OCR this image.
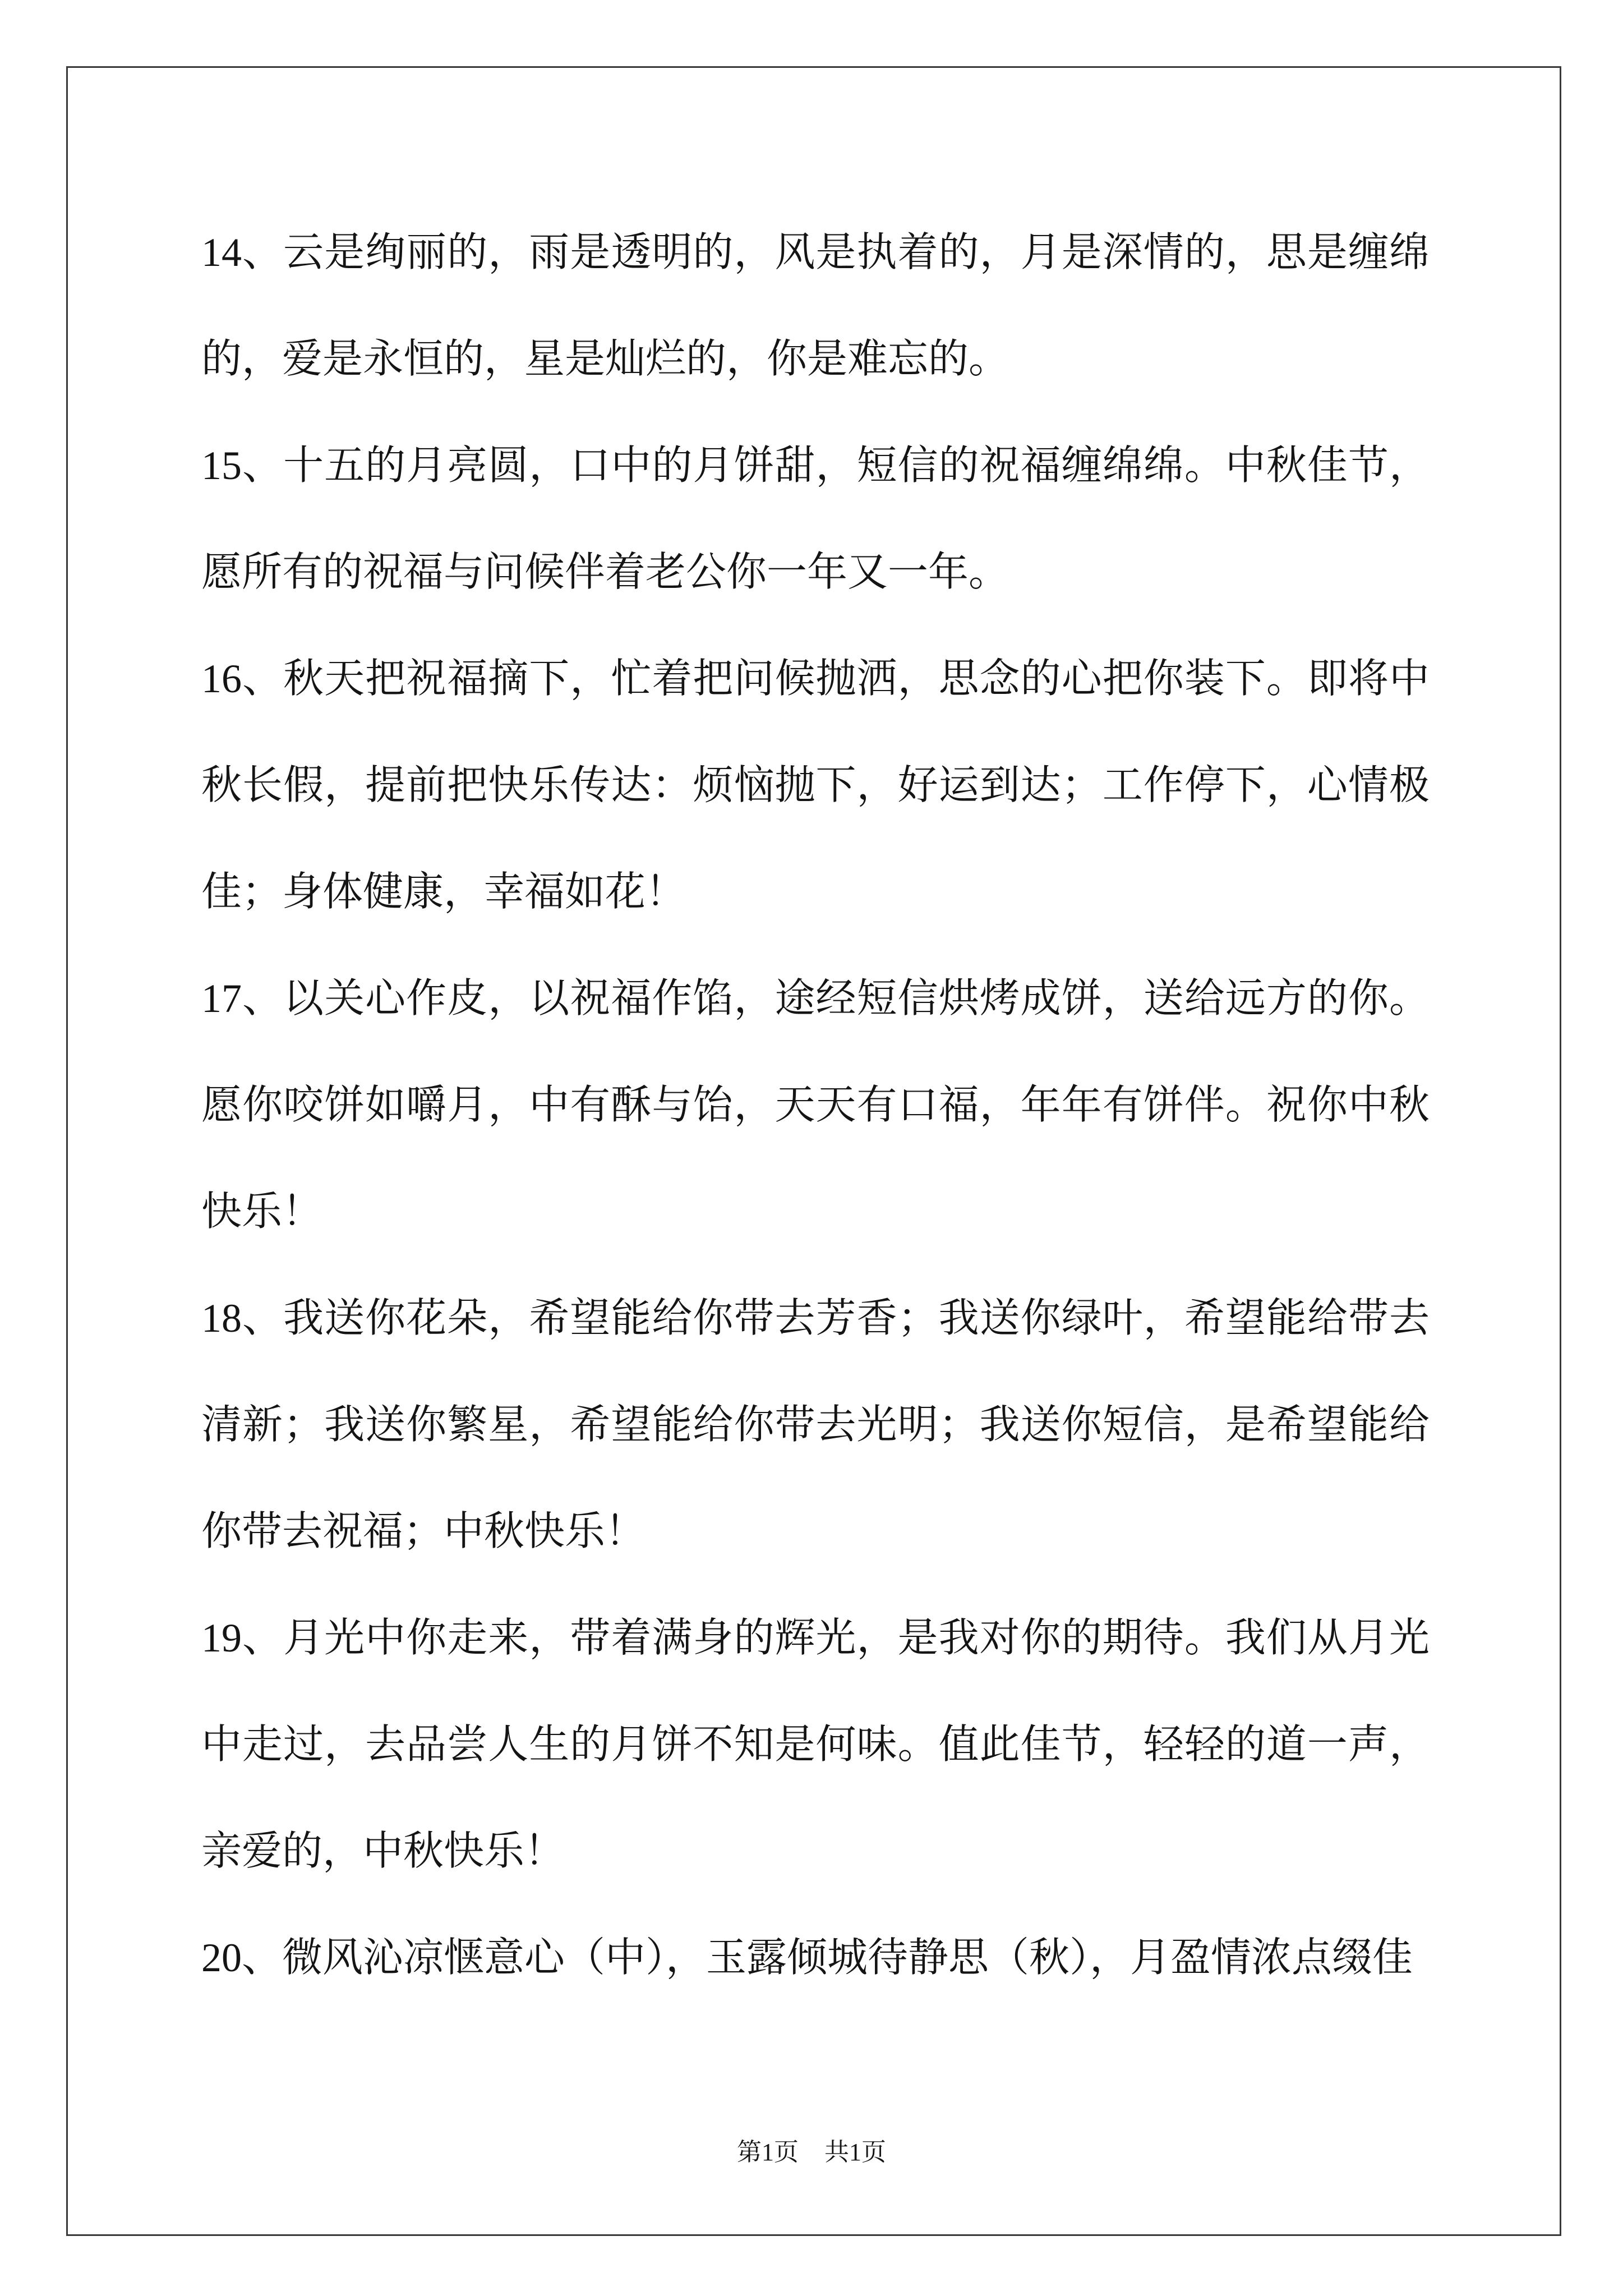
14、云是绚丽的，雨是透明的，风是执着的，月是深情的，思是缠绵
的，爱是永恒的，星是灿烂的，你是难忘的。
15、十五的月亮圆，口中的月饼甜，短信的祝福缠绵绵。中秋佳节，
愿所有的祝福与问候伴着老公你一年又一年。
16、秋天把祝福摘下，忙着把问候抛洒，思念的心把你装下。即将中
秋长假，提前把快乐传达：烦恼抛下，好运到达；工作停下，心情极
佳；身体健康，幸福如花！
17、以关心作皮，以祝福作馅，途经短信烘烤成饼，送给远方的你。
愿你咬饼如嚼月，中有酥与饴，天天有口福，年年有饼伴。祝你中秋
快乐！
18、我送你花朵，希望能给你带去芳香；我送你绿叶，希望能给带去
清新；我送你繁星，希望能给你带去光明；我送你短信，是希望能给
你带去祝福；中秋快乐！
19、月光中你走来，带着满身的辉光，是我对你的期待。我们从月光
中走过，去品尝人生的月饼不知是何味。值此佳节，轻轻的道一声，
亲爱的，中秋快乐！
20、微风沁凉惬意心（中），玉露倾城待静思（秋），月盈情浓点缀佳
第1页 共1页
